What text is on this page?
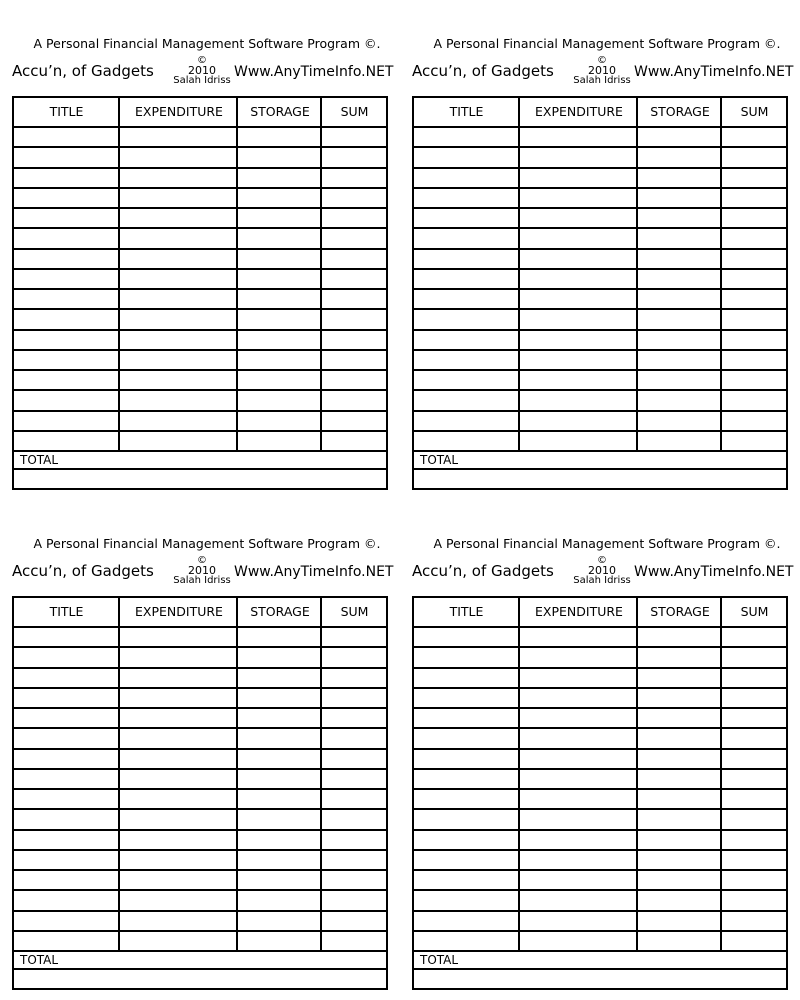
A Personal Financial Management Software Program ©.
Accu’n, of Gadgets
©
2010
Salah Idriss
Www.AnyTimeInfo.NET
TITLE	EXPENDITURE	STORAGE	SUM
TOTAL
A Personal Financial Management Software Program ©.
Accu’n, of Gadgets
©
2010
Salah Idriss
Www.AnyTimeInfo.NET
TITLE	EXPENDITURE	STORAGE	SUM
TOTAL
A Personal Financial Management Software Program ©.
Accu’n, of Gadgets
©
2010
Salah Idriss
Www.AnyTimeInfo.NET
TITLE	EXPENDITURE	STORAGE	SUM
TOTAL
A Personal Financial Management Software Program ©.
Accu’n, of Gadgets
©
2010
Salah Idriss
Www.AnyTimeInfo.NET
TITLE	EXPENDITURE	STORAGE	SUM
TOTAL
